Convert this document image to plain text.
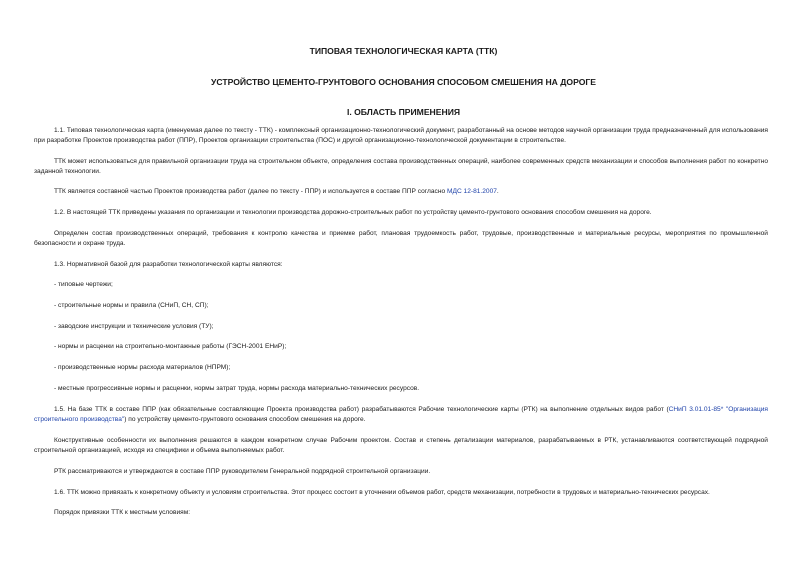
ТИПОВАЯ ТЕХНОЛОГИЧЕСКАЯ КАРТА (ТТК)
УСТРОЙСТВО ЦЕМЕНТО-ГРУНТОВОГО ОСНОВАНИЯ СПОСОБОМ СМЕШЕНИЯ НА ДОРОГЕ
I. ОБЛАСТЬ ПРИМЕНЕНИЯ
1.1. Типовая технологическая карта (именуемая далее по тексту - ТТК) - комплексный организационно-технологический документ, разработанный на основе методов научной организации труда предназначенный для использования при разработке Проектов производства работ (ППР), Проектов организации строительства (ПОС) и другой организационно-технологической документации в строительстве.
ТТК может использоваться для правильной организации труда на строительном объекте, определения состава производственных операций, наиболее современных средств механизации и способов выполнения работ по конкретно заданной технологии.
ТТК является составной частью Проектов производства работ (далее по тексту - ППР) и используется в составе ППР согласно МДС 12-81.2007.
1.2. В настоящей ТТК приведены указания по организации и технологии производства дорожно-строительных работ по устройству цементо-грунтового основания способом смешения на дороге.
Определен состав производственных операций, требования к контролю качества и приемке работ, плановая трудоемкость работ, трудовые, производственные и материальные ресурсы, мероприятия по промышленной безопасности и охране труда.
1.3. Нормативной базой для разработки технологической карты являются:
- типовые чертежи;
- строительные нормы и правила (СНиП, СН, СП);
- заводские инструкции и технические условия (ТУ);
- нормы и расценки на строительно-монтажные работы (ГЭСН-2001 ЕНиР);
- производственные нормы расхода материалов (НПРМ);
- местные прогрессивные нормы и расценки, нормы затрат труда, нормы расхода материально-технических ресурсов.
1.5. На базе ТТК в составе ППР (как обязательные составляющие Проекта производства работ) разрабатываются Рабочие технологические карты (РТК) на выполнение отдельных видов работ (СНиП 3.01.01-85* "Организация строительного производства") по устройству цементо-грунтового основания способом смешения на дороге.
Конструктивные особенности их выполнения решаются в каждом конкретном случае Рабочим проектом. Состав и степень детализации материалов, разрабатываемых в РТК, устанавливаются соответствующей подрядной строительной организацией, исходя из специфики и объема выполняемых работ.
РТК рассматриваются и утверждаются в составе ППР руководителем Генеральной подрядной строительной организации.
1.6. ТТК можно привязать к конкретному объекту и условиям строительства. Этот процесс состоит в уточнении объемов работ, средств механизации, потребности в трудовых и материально-технических ресурсах.
Порядок привязки ТТК к местным условиям:
